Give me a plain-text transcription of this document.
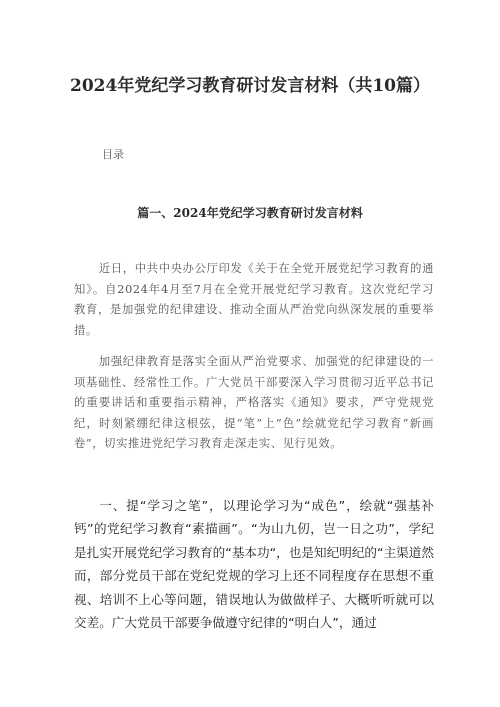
2024年党纪学习教育研讨发言材料（共10篇）

目录

篇一、2024年党纪学习教育研讨发言材料

近日，中共中央办公厅印发《关于在全党开展党纪学习教育的通知》。自2024年4月至7月在全党开展党纪学习教育。这次党纪学习教育，是加强党的纪律建设、推动全面从严治党向纵深发展的重要举措。

加强纪律教育是落实全面从严治党要求、加强党的纪律建设的一项基础性、经常性工作。广大党员干部要深入学习贯彻习近平总书记的重要讲话和重要指示精神，严格落实《通知》要求，严守党规党纪，时刻紧绷纪律这根弦，提“笔”上“色”绘就党纪学习教育“新画卷”，切实推进党纪学习教育走深走实、见行见效。

一、提“学习之笔”，以理论学习为“成色”，绘就“强基补钙”的党纪学习教育“素描画”。“为山九仞，岂一日之功”，学纪是扎实开展党纪学习教育的“基本功“，也是知纪明纪的“主渠道然而，部分党员干部在党纪党规的学习上还不同程度存在思想不重视、培训不上心等问题，错误地认为做做样子、大概听听就可以交差。广大党员干部要争做遵守纪律的“明白人”，通过
